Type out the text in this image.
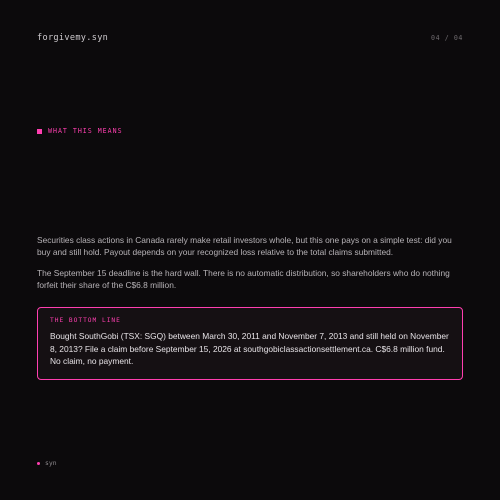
forgivemy.syn	04 / 04
WHAT THIS MEANS

Securities class actions in Canada rarely make retail investors whole, but this one pays on a simple test: did you buy and still hold. Payout depends on your recognized loss relative to the total claims submitted.

The September 15 deadline is the hard wall. There is no automatic distribution, so shareholders who do nothing forfeit their share of the C$6.8 million.

THE BOTTOM LINE
Bought SouthGobi (TSX: SGQ) between March 30, 2011 and November 7, 2013 and still held on November 8, 2013? File a claim before September 15, 2026 at southgobiclassactionsettlement.ca. C$6.8 million fund. No claim, no payment.
syn
